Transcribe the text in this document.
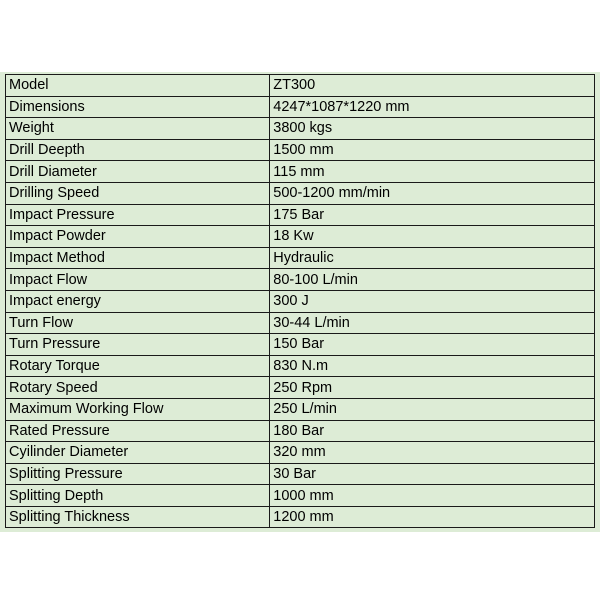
Model	ZT300
Dimensions	4247*1087*1220 mm
Weight	3800 kgs
Drill Deepth	1500 mm
Drill Diameter	115 mm
Drilling Speed	500-1200 mm/min
Impact Pressure	175 Bar
Impact Powder	18 Kw
Impact Method	Hydraulic
Impact Flow	80-100 L/min
Impact energy	300 J
Turn Flow	30-44 L/min
Turn Pressure	150 Bar
Rotary Torque	830 N.m
Rotary Speed	250 Rpm
Maximum Working Flow	250 L/min
Rated Pressure	180 Bar
Cyilinder Diameter	320 mm
Splitting Pressure	30 Bar
Splitting Depth	1000 mm
Splitting Thickness	1200 mm
